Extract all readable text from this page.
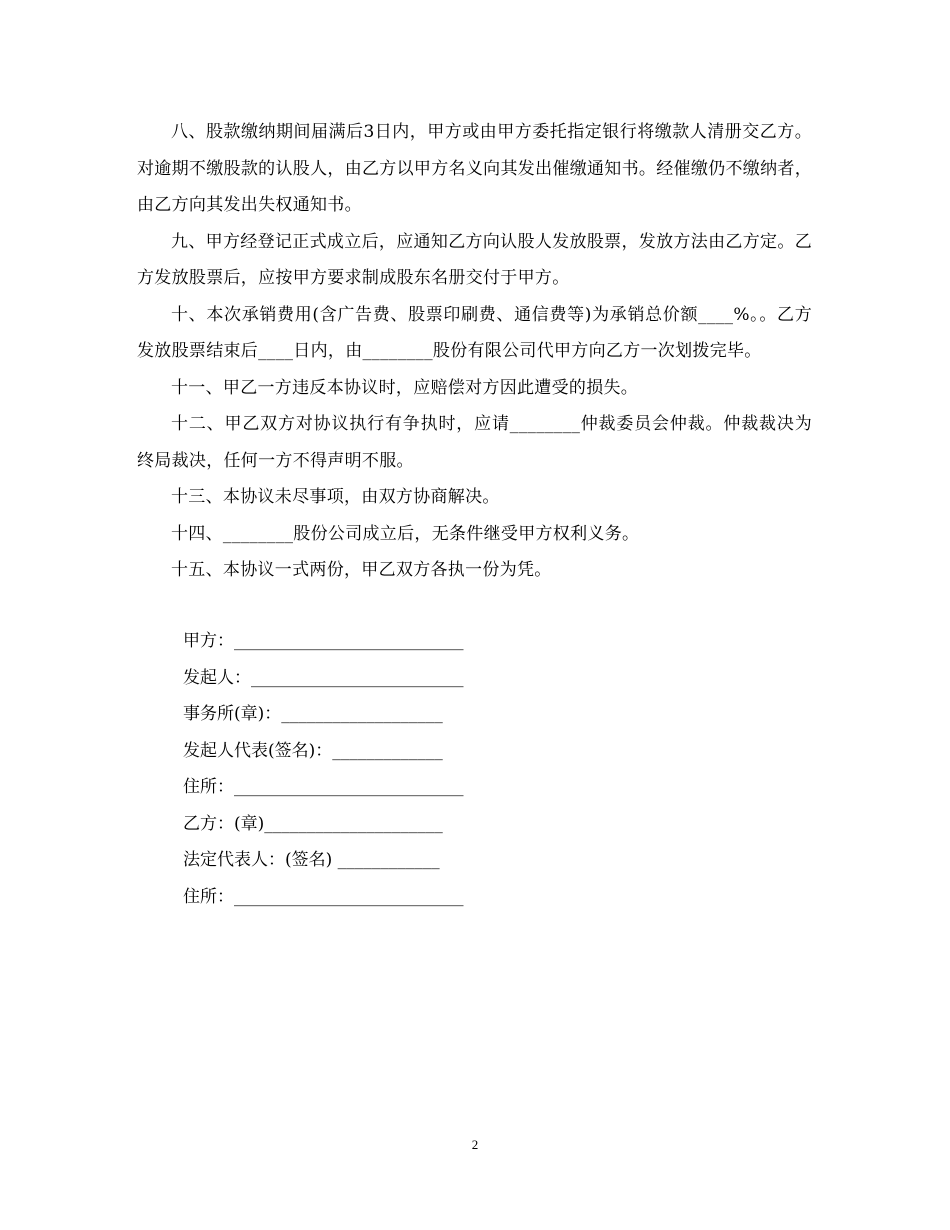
八、股款缴纳期间届满后3日内，甲方或由甲方委托指定银行将缴款人清册交乙方。对逾期不缴股款的认股人，由乙方以甲方名义向其发出催缴通知书。经催缴仍不缴纳者，由乙方向其发出失权通知书。

九、甲方经登记正式成立后，应通知乙方向认股人发放股票，发放方法由乙方定。乙方发放股票后，应按甲方要求制成股东名册交付于甲方。

十、本次承销费用(含广告费、股票印刷费、通信费等)为承销总价额____%。。乙方发放股票结束后____日内，由________股份有限公司代甲方向乙方一次划拨完毕。

十一、甲乙一方违反本协议时，应赔偿对方因此遭受的损失。

十二、甲乙双方对协议执行有争执时，应请________仲裁委员会仲裁。仲裁裁决为终局裁决，任何一方不得声明不服。

十三、本协议未尽事项，由双方协商解决。

十四、________股份公司成立后，无条件继受甲方权利义务。

十五、本协议一式两份，甲乙双方各执一份为凭。

甲方：___________________________

发起人：_________________________

事务所(章)：___________________

发起人代表(签名)：_____________

住所：___________________________

乙方：(章)_____________________

法定代表人：(签名) ____________

住所：___________________________

2
